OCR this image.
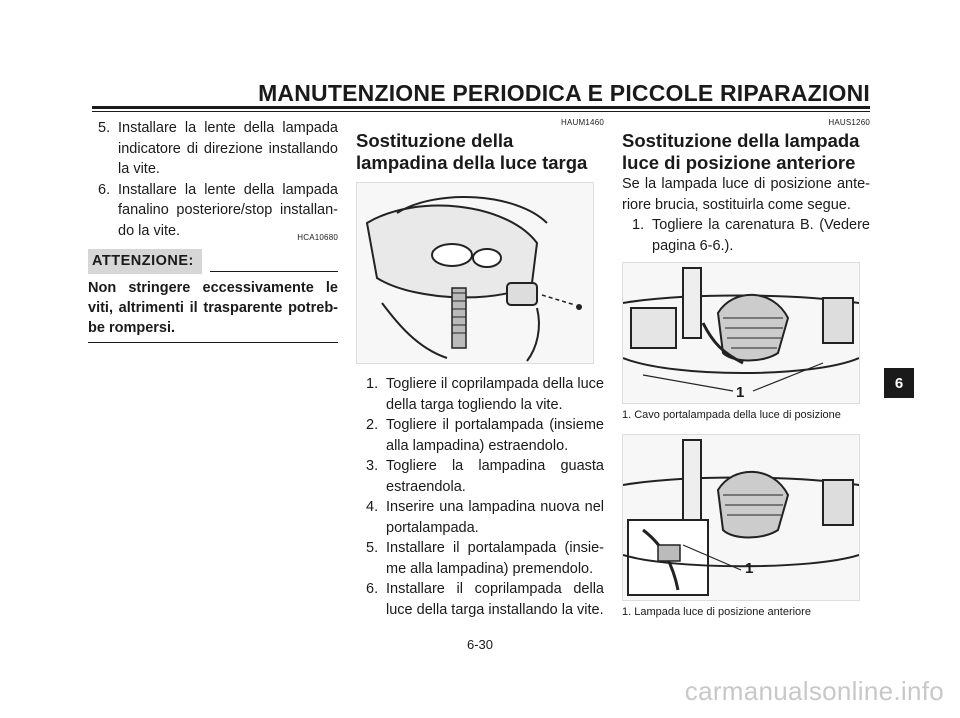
MANUTENZIONE PERIODICA E PICCOLE RIPARAZIONI
5. Installare la lente della lampada indicatore di direzione installando la vite.
6. Installare la lente della lampada fanalino posteriore/stop installan-do la vite.	HCA10680
ATTENZIONE:
Non stringere eccessivamente le viti, altrimenti il trasparente potreb-be rompersi.
HAUM1460
Sostituzione della lampadina della luce targa
1. Togliere il coprilampada della luce della targa togliendo la vite.
2. Togliere il portalampada (insieme alla lampadina) estraendolo.
3. Togliere la lampadina guasta estraendola.
4. Inserire una lampadina nuova nel portalampada.
5. Installare il portalampada (insie-me alla lampadina) premendolo.
6. Installare il coprilampada della luce della targa installando la vite.
HAUS1260
Sostituzione della lampada luce di posizione anteriore
Se la lampada luce di posizione ante-riore brucia, sostituirla come segue.
1. Togliere la carenatura B. (Vedere pagina 6-6.).
1
1. Cavo portalampada della luce di posizione
1
1. Lampada luce di posizione anteriore
6-30
6
carmanualsonline.info
